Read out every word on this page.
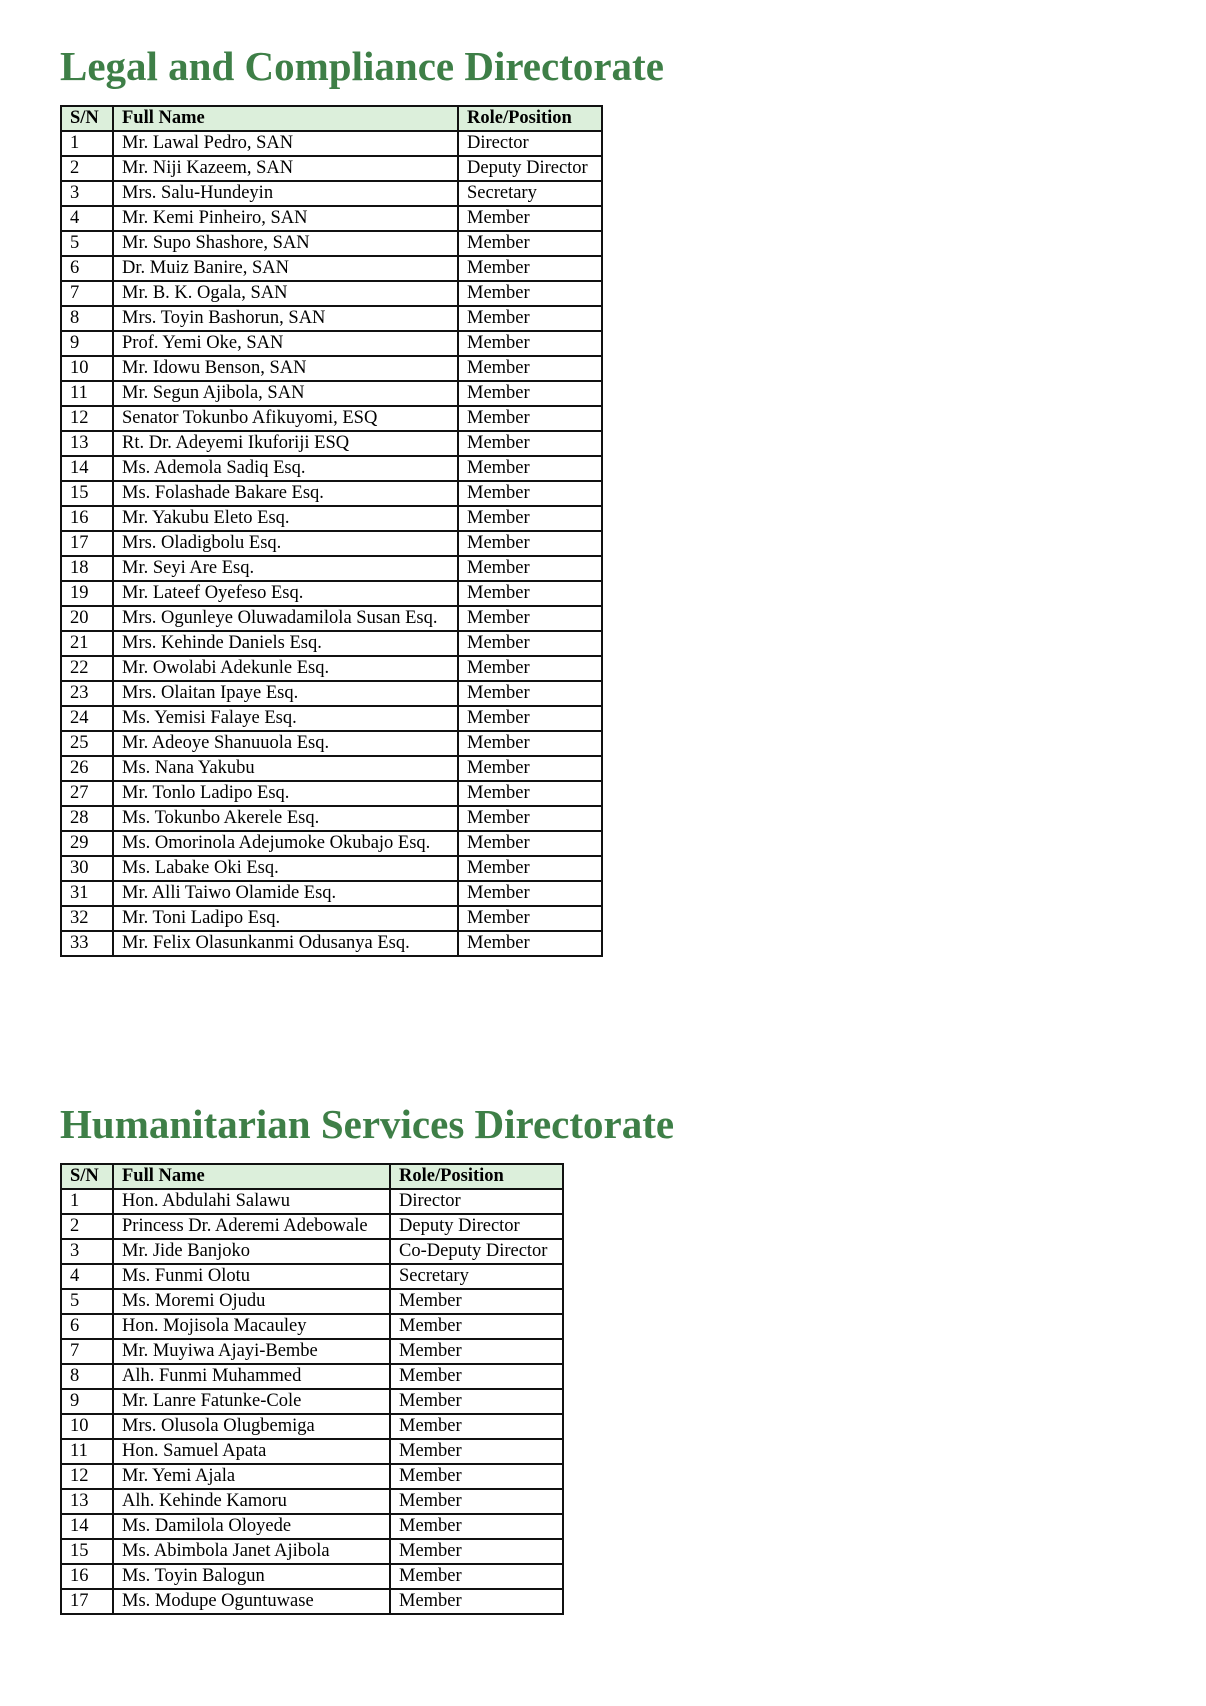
Legal and Compliance Directorate
S/N	Full Name	Role/Position
1	Mr. Lawal Pedro, SAN	Director
2	Mr. Niji Kazeem, SAN	Deputy Director
3	Mrs. Salu-Hundeyin	Secretary
4	Mr. Kemi Pinheiro, SAN	Member
5	Mr. Supo Shashore, SAN	Member
6	Dr. Muiz Banire, SAN	Member
7	Mr. B. K. Ogala, SAN	Member
8	Mrs. Toyin Bashorun, SAN	Member
9	Prof. Yemi Oke, SAN	Member
10	Mr. Idowu Benson, SAN	Member
11	Mr. Segun Ajibola, SAN	Member
12	Senator Tokunbo Afikuyomi, ESQ	Member
13	Rt. Dr. Adeyemi Ikuforiji ESQ	Member
14	Ms. Ademola Sadiq Esq.	Member
15	Ms. Folashade Bakare Esq.	Member
16	Mr. Yakubu Eleto Esq.	Member
17	Mrs. Oladigbolu Esq.	Member
18	Mr. Seyi Are Esq.	Member
19	Mr. Lateef Oyefeso Esq.	Member
20	Mrs. Ogunleye Oluwadamilola Susan Esq.	Member
21	Mrs. Kehinde Daniels Esq.	Member
22	Mr. Owolabi Adekunle Esq.	Member
23	Mrs. Olaitan Ipaye Esq.	Member
24	Ms. Yemisi Falaye Esq.	Member
25	Mr. Adeoye Shanuuola Esq.	Member
26	Ms. Nana Yakubu	Member
27	Mr. Tonlo Ladipo Esq.	Member
28	Ms. Tokunbo Akerele Esq.	Member
29	Ms. Omorinola Adejumoke Okubajo Esq.	Member
30	Ms. Labake Oki Esq.	Member
31	Mr. Alli Taiwo Olamide Esq.	Member
32	Mr. Toni Ladipo Esq.	Member
33	Mr. Felix Olasunkanmi Odusanya Esq.	Member
Humanitarian Services Directorate
S/N	Full Name	Role/Position
1	Hon. Abdulahi Salawu	Director
2	Princess Dr. Aderemi Adebowale	Deputy Director
3	Mr. Jide Banjoko	Co-Deputy Director
4	Ms. Funmi Olotu	Secretary
5	Ms. Moremi Ojudu	Member
6	Hon. Mojisola Macauley	Member
7	Mr. Muyiwa Ajayi-Bembe	Member
8	Alh. Funmi Muhammed	Member
9	Mr. Lanre Fatunke-Cole	Member
10	Mrs. Olusola Olugbemiga	Member
11	Hon. Samuel Apata	Member
12	Mr. Yemi Ajala	Member
13	Alh. Kehinde Kamoru	Member
14	Ms. Damilola Oloyede	Member
15	Ms. Abimbola Janet Ajibola	Member
16	Ms. Toyin Balogun	Member
17	Ms. Modupe Oguntuwase	Member
